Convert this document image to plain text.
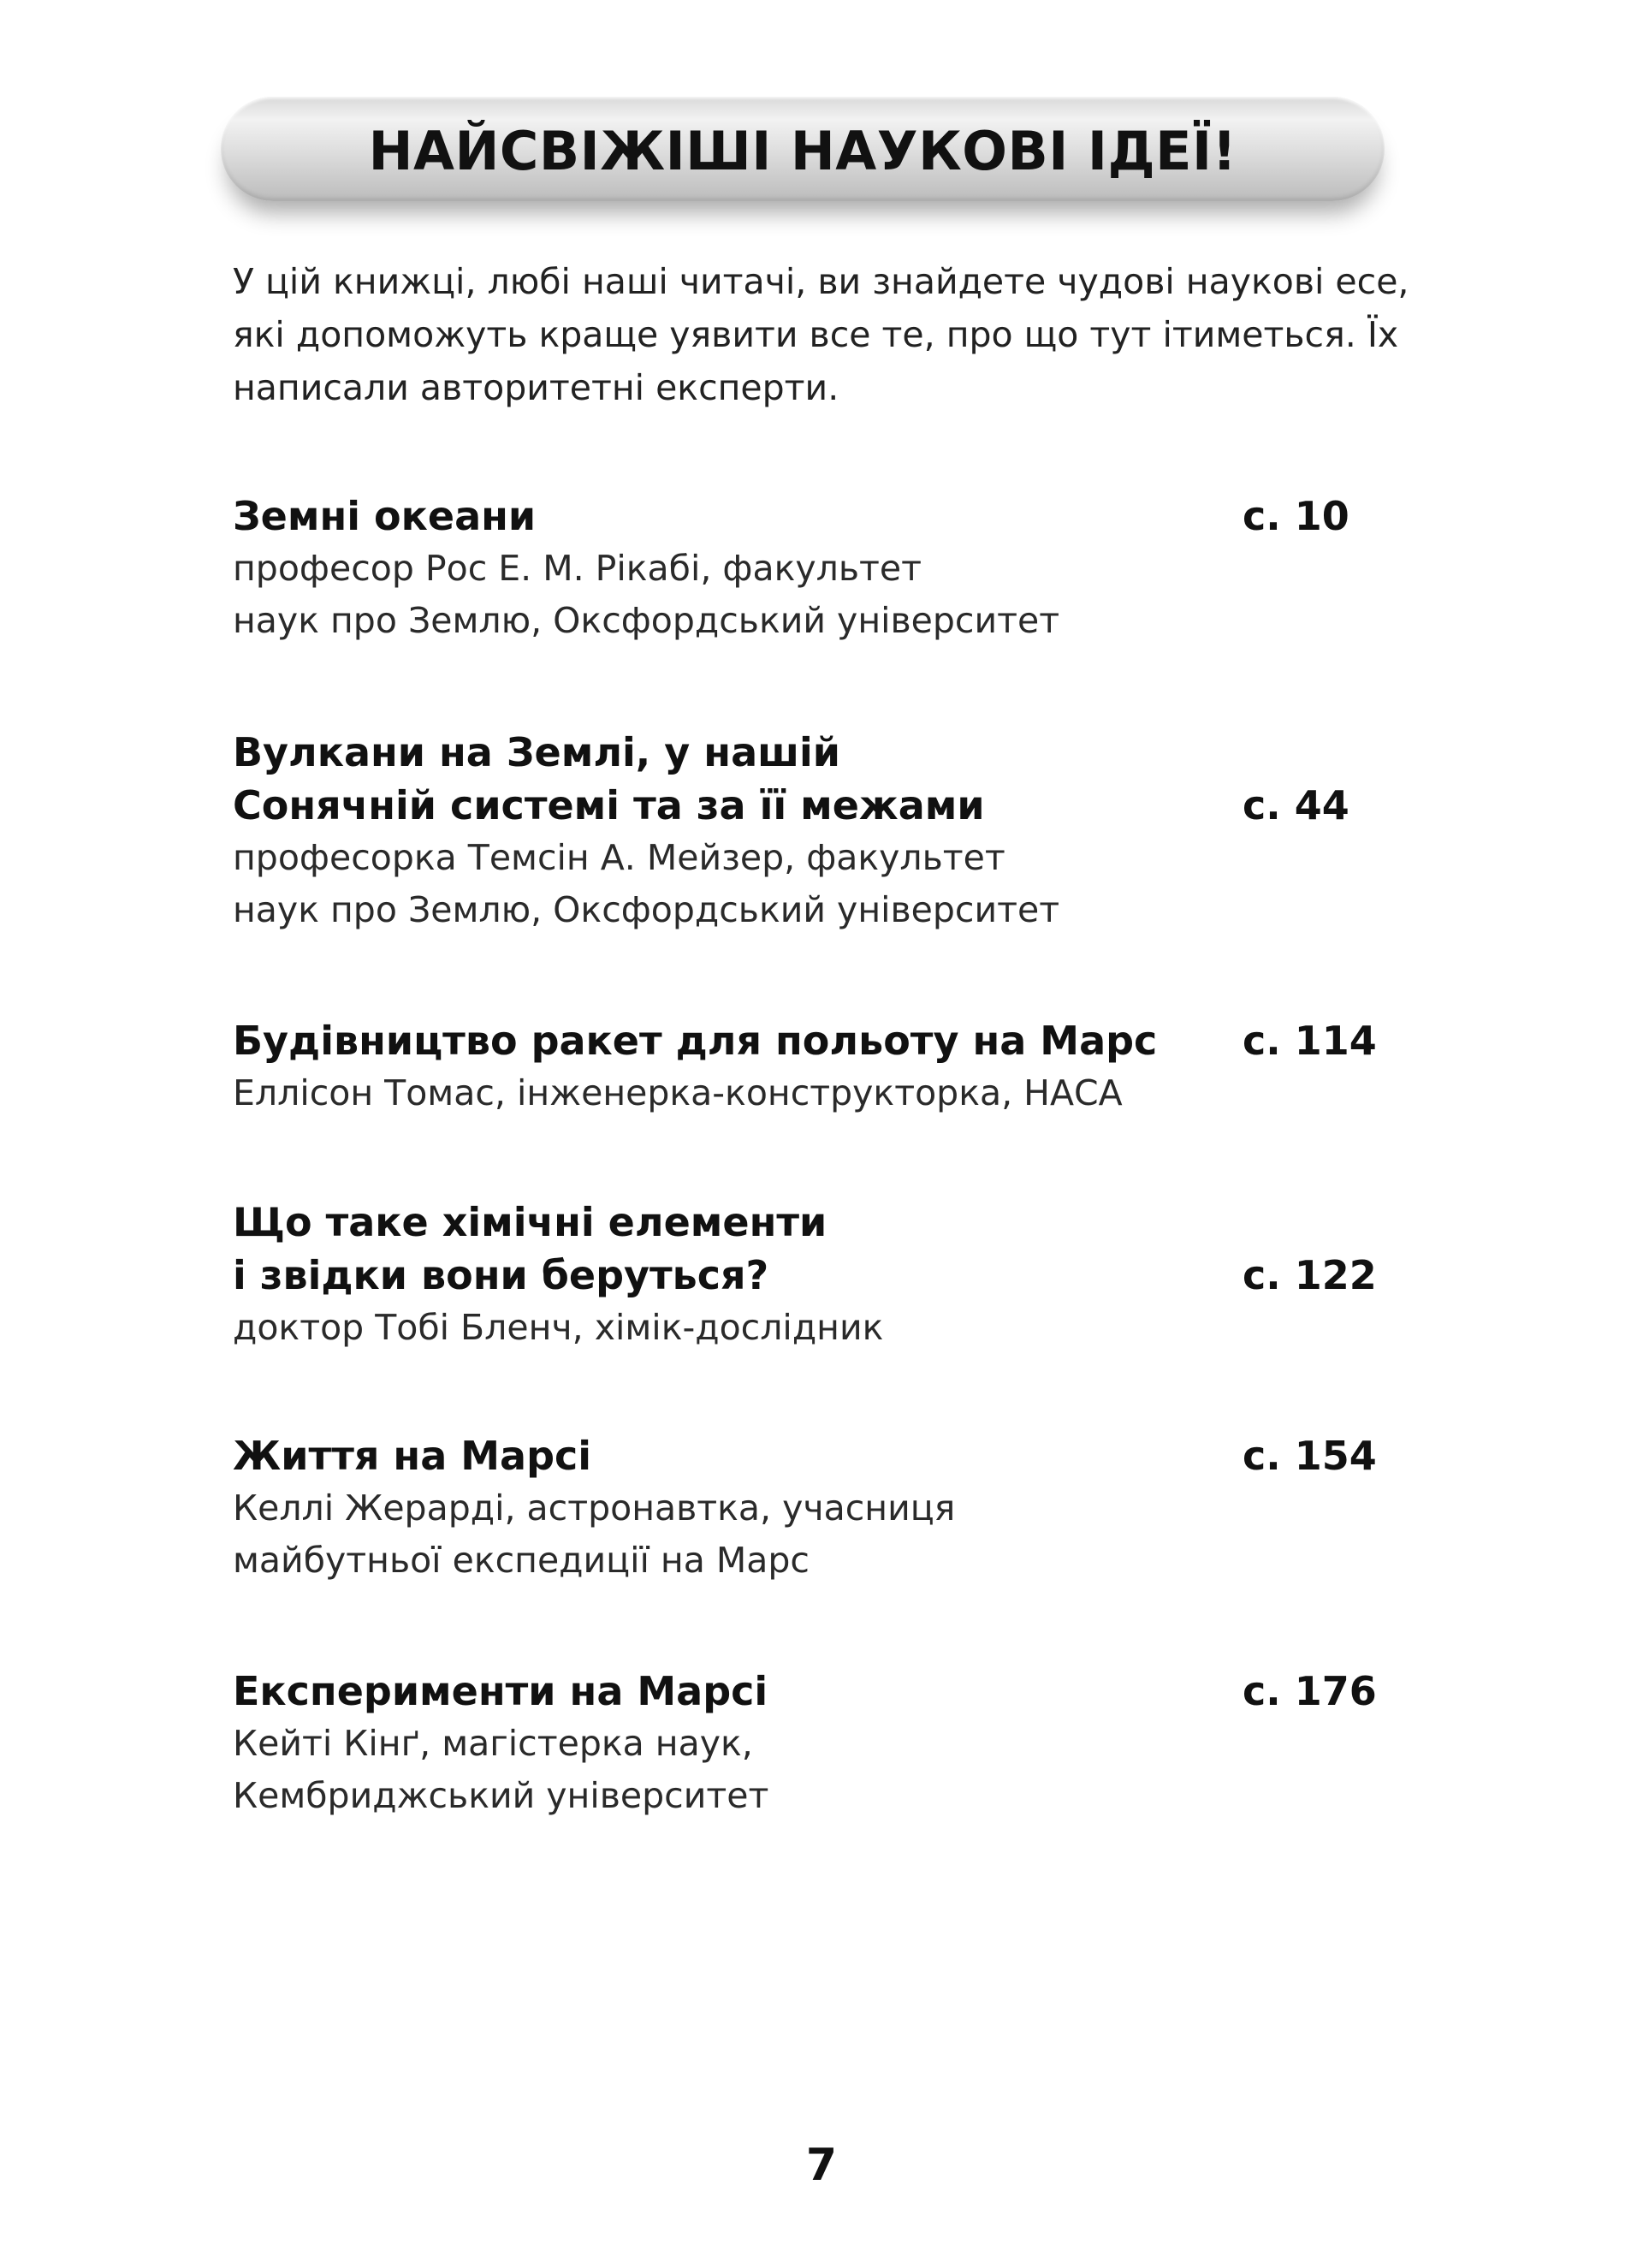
НАЙСВІЖІШІ НАУКОВІ ІДЕЇ!
У цій книжці, любі наші читачі, ви знайдете чудові наукові есе,
які допоможуть краще уявити все те, про що тут ітиметься. Їх
написали авторитетні експерти.
Земні океани	с. 10
професор Рос Е. М. Рікабі, факультет
наук про Землю, Оксфордський університет
Вулкани на Землі, у нашій
Сонячній системі та за її межами	с. 44
професорка Темсін А. Мейзер, факультет
наук про Землю, Оксфордський університет
Будівництво ракет для польоту на Марс	с. 114
Еллісон Томас, інженерка-конструкторка, НАСА
Що таке хімічні елементи
і звідки вони беруться?	с. 122
доктор Тобі Бленч, хімік-дослідник
Життя на Марсі	с. 154
Келлі Жерарді, астронавтка, учасниця
майбутньої експедиції на Марс
Експерименти на Марсі	с. 176
Кейті Кінґ, магістерка наук,
Кембриджський університет
7
